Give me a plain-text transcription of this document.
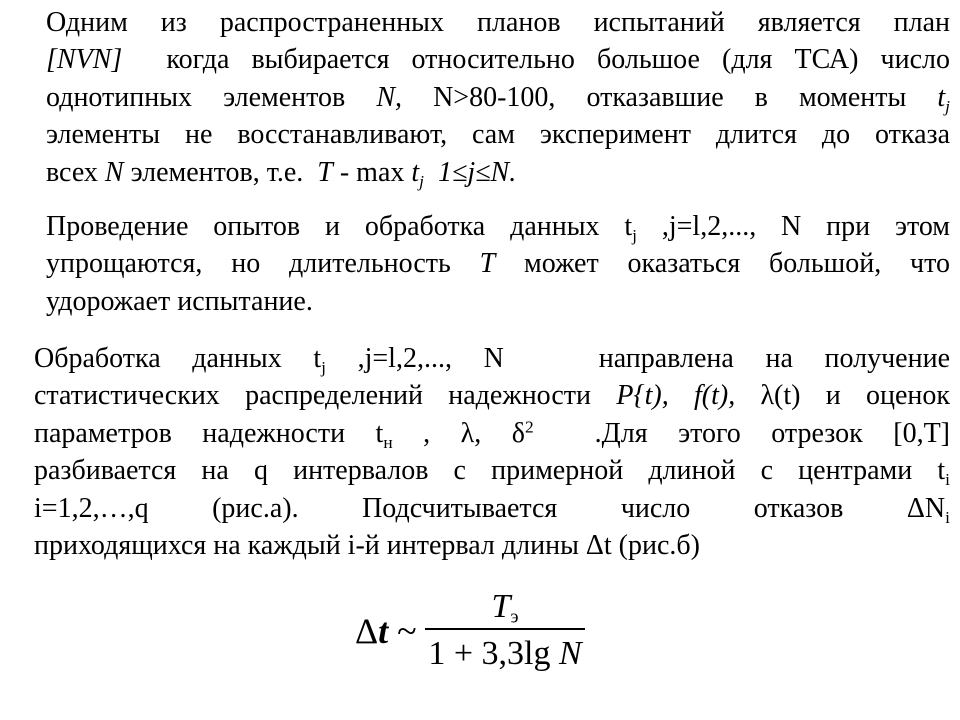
Одним из распространенных планов испытаний является план
[NVN] когда выбирается относительно большое (для ТСА) число
однотипных элементов N, N>80-100, отказавшие в моменты $t_j$
элементы не восстанавливают, сам эксперимент длится до отказа
всех N элементов, т.е. T - $\max t_j$ 1≤j≤N.
Проведение опытов и обработка данных $t_j$ ,j=l,2,..., N при этом
упрощаются, но длительность T может оказаться большой, что
удорожает испытание.
Обработка данных $t_j$ ,j=l,2,..., N	направлена на получение
статистических распределений надежности P{t), f(t), λ(t) и оценок
параметров надежности $t_н$ , λ, $\delta^2$ .Для этого отрезок [0,T]
разбивается на q интервалов с примерной длиной с центрами $t_i$
i=1,2,…,q (рис.а). Подсчитывается число отказов $\Delta N_i$
приходящихся на каждый i-й интервал длины Δt (рис.б)
Δt ~
$T_э$
1 + 3,3lg N
